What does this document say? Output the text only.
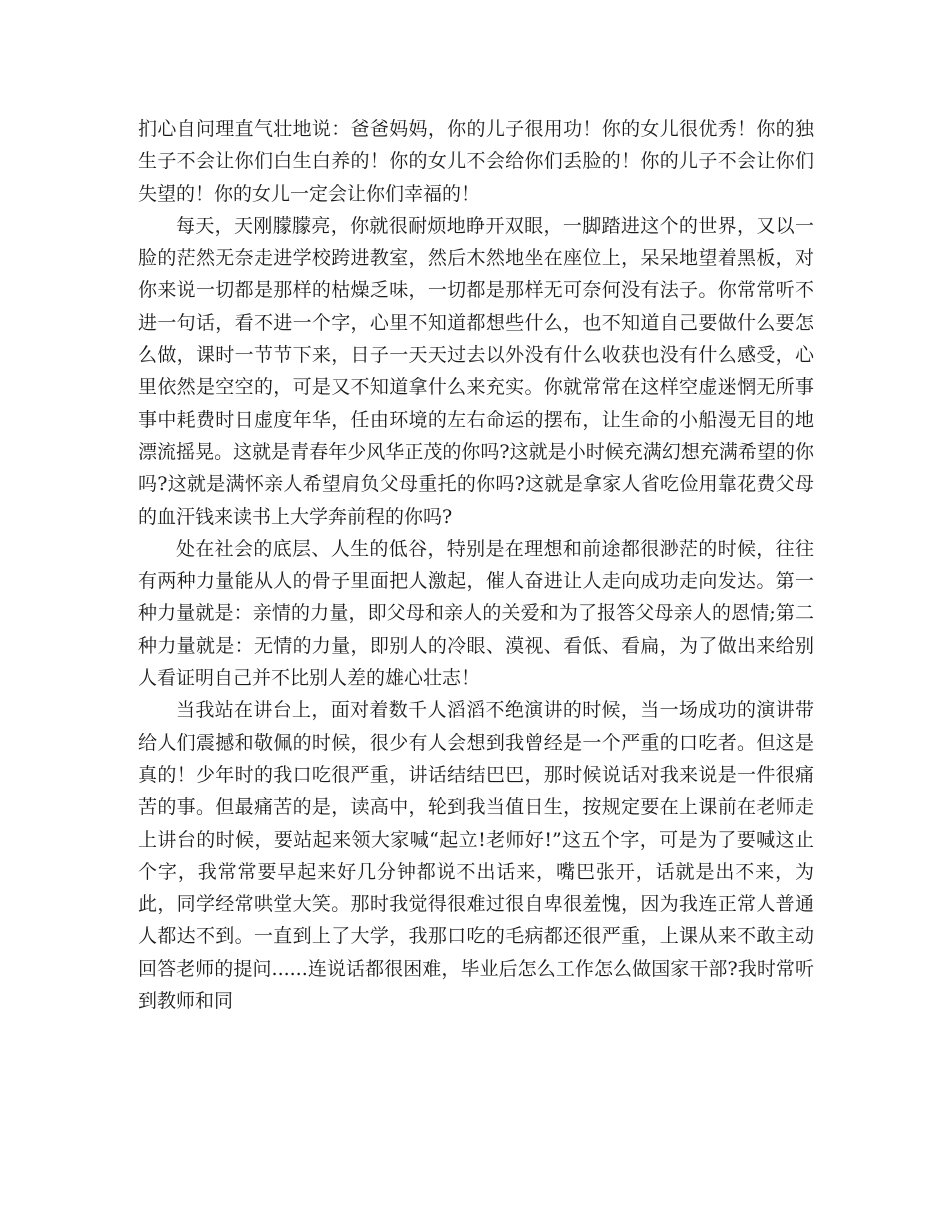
扪心自问理直气壮地说：爸爸妈妈，你的儿子很用功！你的女儿很优秀！你的独生子不会让你们白生白养的！你的女儿不会给你们丢脸的！你的儿子不会让你们失望的！你的女儿一定会让你们幸福的！

每天，天刚朦朦亮，你就很耐烦地睁开双眼，一脚踏进这个的世界，又以一脸的茫然无奈走进学校跨进教室，然后木然地坐在座位上，呆呆地望着黑板，对你来说一切都是那样的枯燥乏味，一切都是那样无可奈何没有法子。你常常听不进一句话，看不进一个字，心里不知道都想些什么，也不知道自己要做什么要怎么做，课时一节节下来，日子一天天过去以外没有什么收获也没有什么感受，心里依然是空空的，可是又不知道拿什么来充实。你就常常在这样空虚迷惘无所事事中耗费时日虚度年华，任由环境的左右命运的摆布，让生命的小船漫无目的地漂流摇晃。这就是青春年少风华正茂的你吗?这就是小时候充满幻想充满希望的你吗?这就是满怀亲人希望肩负父母重托的你吗?这就是拿家人省吃俭用靠花费父母的血汗钱来读书上大学奔前程的你吗?

处在社会的底层、人生的低谷，特别是在理想和前途都很渺茫的时候，往往有两种力量能从人的骨子里面把人激起，催人奋进让人走向成功走向发达。第一种力量就是：亲情的力量，即父母和亲人的关爱和为了报答父母亲人的恩情;第二种力量就是：无情的力量，即别人的冷眼、漠视、看低、看扁，为了做出来给别人看证明自己并不比别人差的雄心壮志！

当我站在讲台上，面对着数千人滔滔不绝演讲的时候，当一场成功的演讲带给人们震撼和敬佩的时候，很少有人会想到我曾经是一个严重的口吃者。但这是真的！少年时的我口吃很严重，讲话结结巴巴，那时候说话对我来说是一件很痛苦的事。但最痛苦的是，读高中，轮到我当值日生，按规定要在上课前在老师走上讲台的时候，要站起来领大家喊“起立!老师好!”这五个字，可是为了要喊这止个字，我常常要早起来好几分钟都说不出话来，嘴巴张开，话就是出不来，为此，同学经常哄堂大笑。那时我觉得很难过很自卑很羞愧，因为我连正常人普通人都达不到。一直到上了大学，我那口吃的毛病都还很严重，上课从来不敢主动回答老师的提问......连说话都很困难，毕业后怎么工作怎么做国家干部?我时常听到教师和同
